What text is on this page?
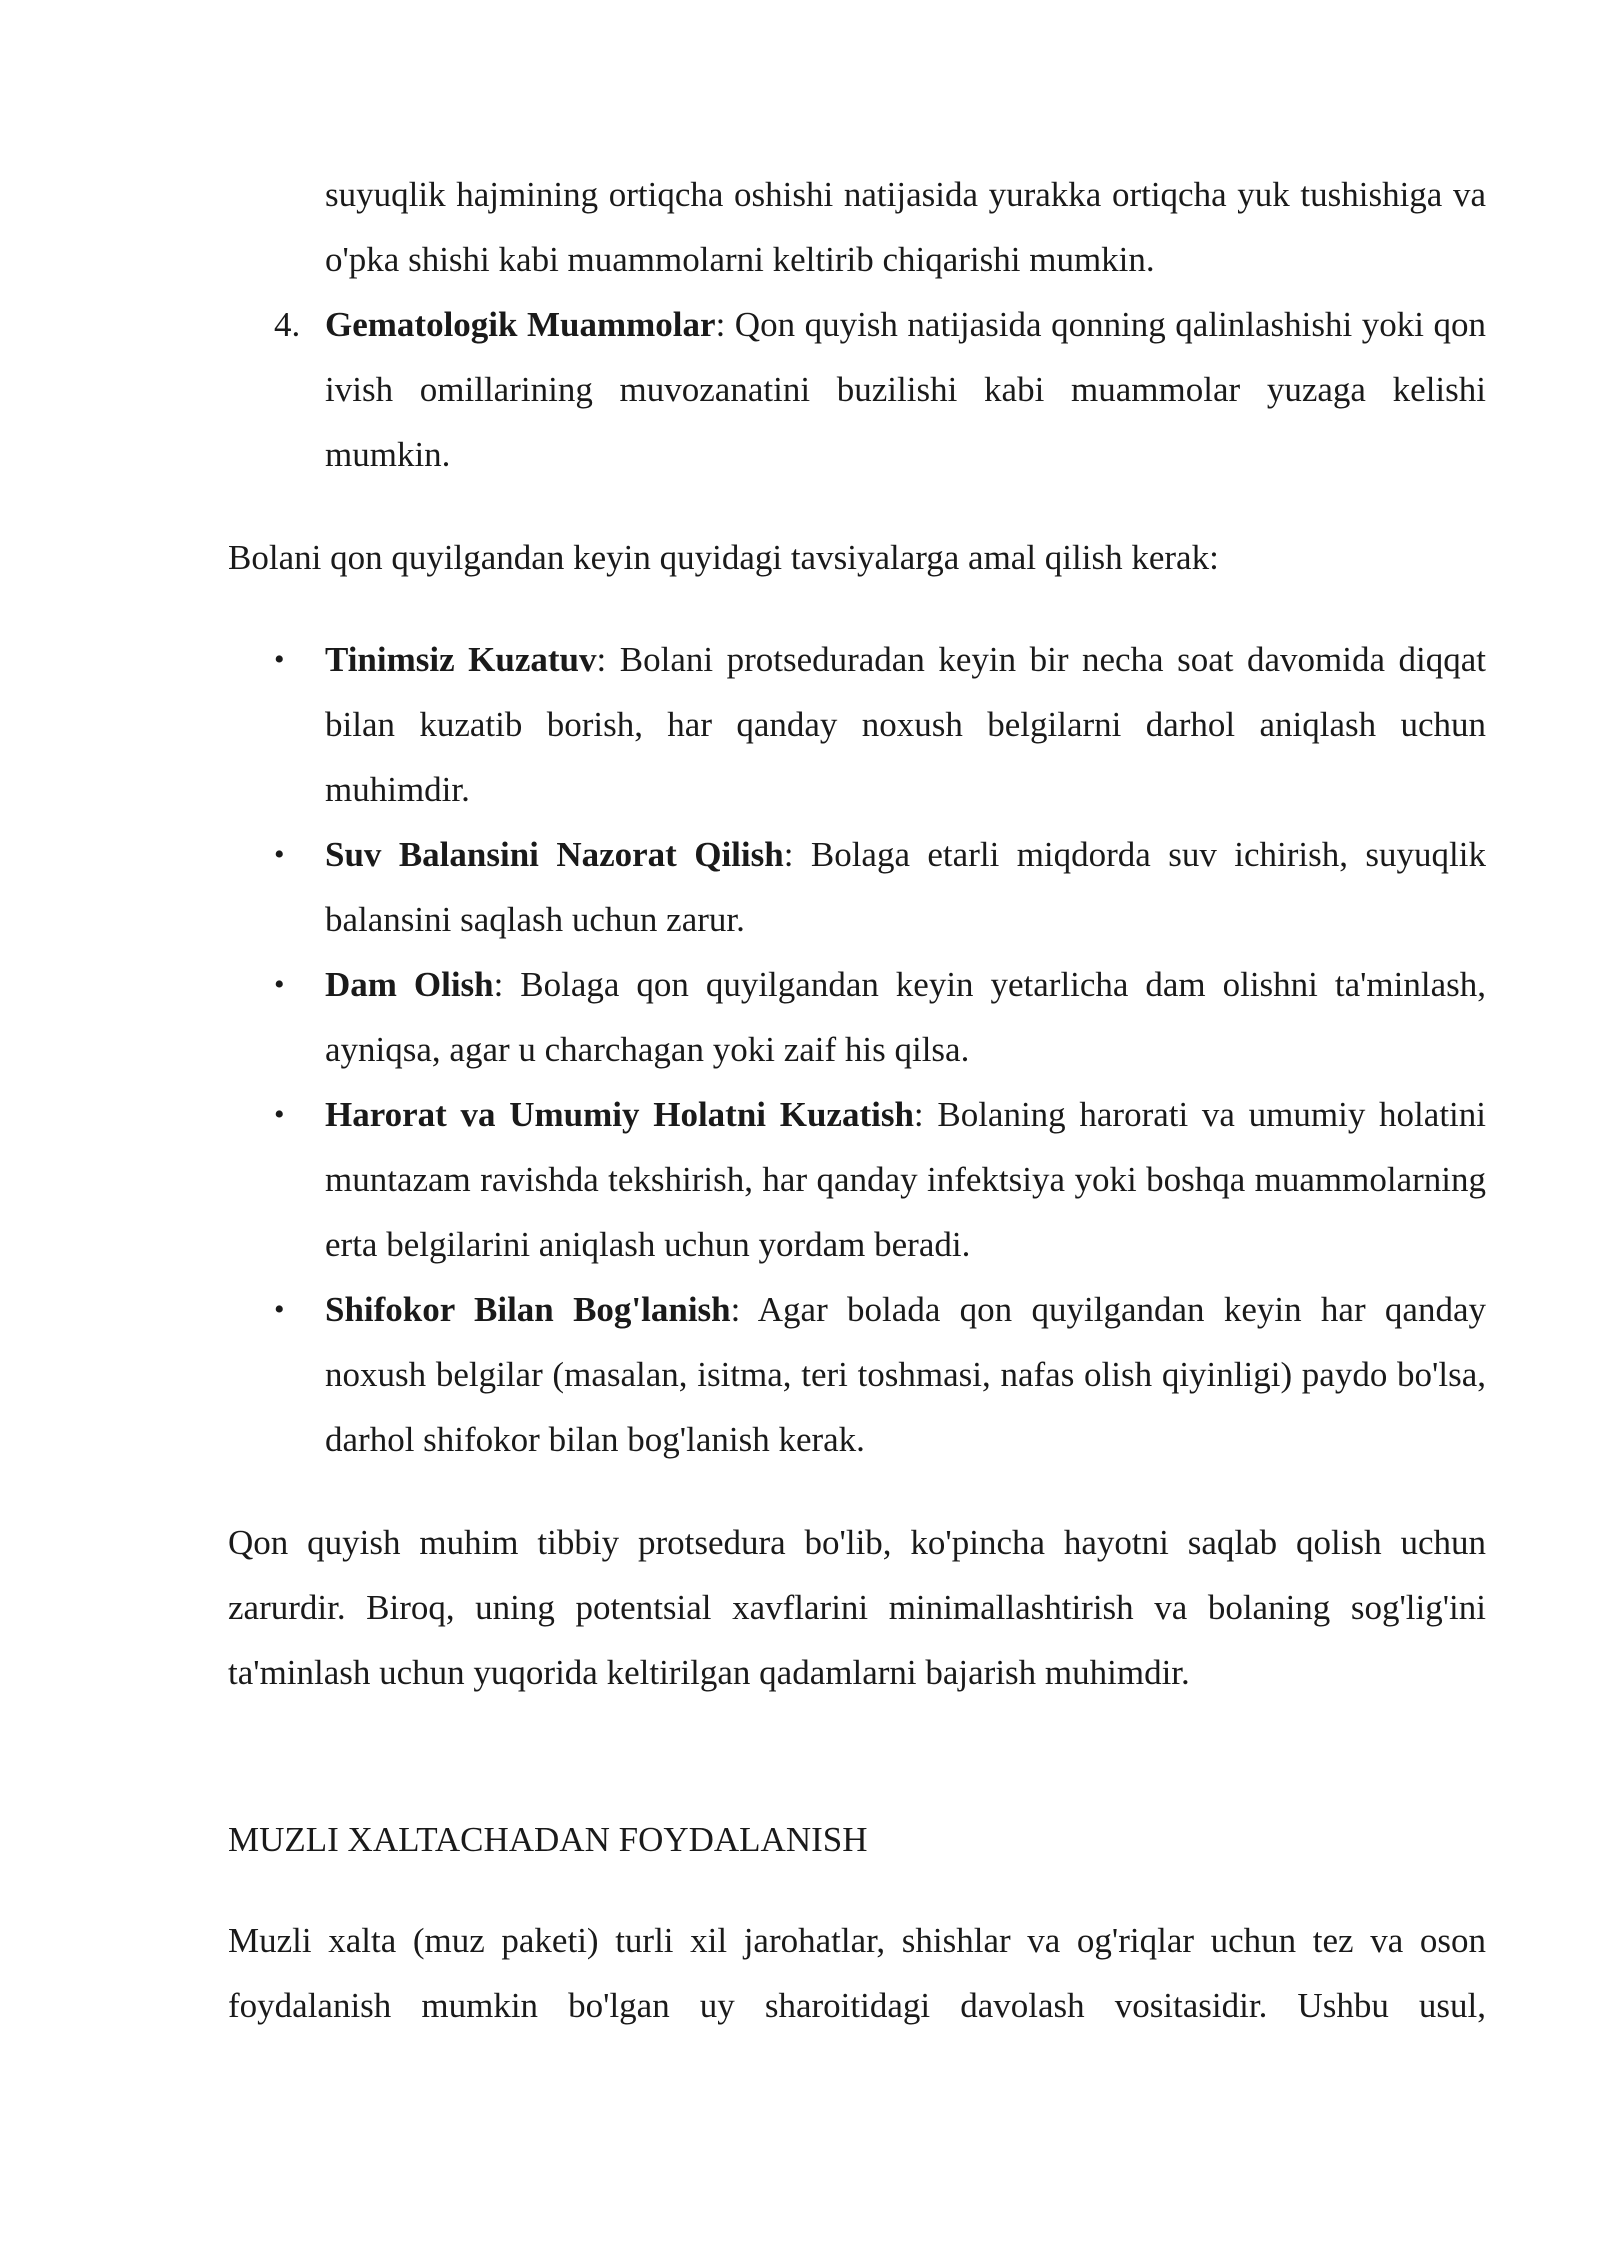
suyuqlik hajmining ortiqcha oshishi natijasida yurakka ortiqcha yuk tushishiga va o'pka shishi kabi muammolarni keltirib chiqarishi mumkin.
4. Gematologik Muammolar: Qon quyish natijasida qonning qalinlashishi yoki qon ivish omillarining muvozanatini buzilishi kabi muammolar yuzaga kelishi mumkin.

Bolani qon quyilgandan keyin quyidagi tavsiyalarga amal qilish kerak:

• Tinimsiz Kuzatuv: Bolani protseduradan keyin bir necha soat davomida diqqat bilan kuzatib borish, har qanday noxush belgilarni darhol aniqlash uchun muhimdir.
• Suv Balansini Nazorat Qilish: Bolaga etarli miqdorda suv ichirish, suyuqlik balansini saqlash uchun zarur.
• Dam Olish: Bolaga qon quyilgandan keyin yetarlicha dam olishni ta'minlash, ayniqsa, agar u charchagan yoki zaif his qilsa.
• Harorat va Umumiy Holatni Kuzatish: Bolaning harorati va umumiy holatini muntazam ravishda tekshirish, har qanday infektsiya yoki boshqa muammolarning erta belgilarini aniqlash uchun yordam beradi.
• Shifokor Bilan Bog'lanish: Agar bolada qon quyilgandan keyin har qanday noxush belgilar (masalan, isitma, teri toshmasi, nafas olish qiyinligi) paydo bo'lsa, darhol shifokor bilan bog'lanish kerak.

Qon quyish muhim tibbiy protsedura bo'lib, ko'pincha hayotni saqlab qolish uchun zarurdir. Biroq, uning potentsial xavflarini minimallashtirish va bolaning sog'lig'ini ta'minlash uchun yuqorida keltirilgan qadamlarni bajarish muhimdir.

MUZLI XALTACHADAN FOYDALANISH

Muzli xalta (muz paketi) turli xil jarohatlar, shishlar va og'riqlar uchun tez va oson foydalanish mumkin bo'lgan uy sharoitidagi davolash vositasidir. Ushbu usul,
